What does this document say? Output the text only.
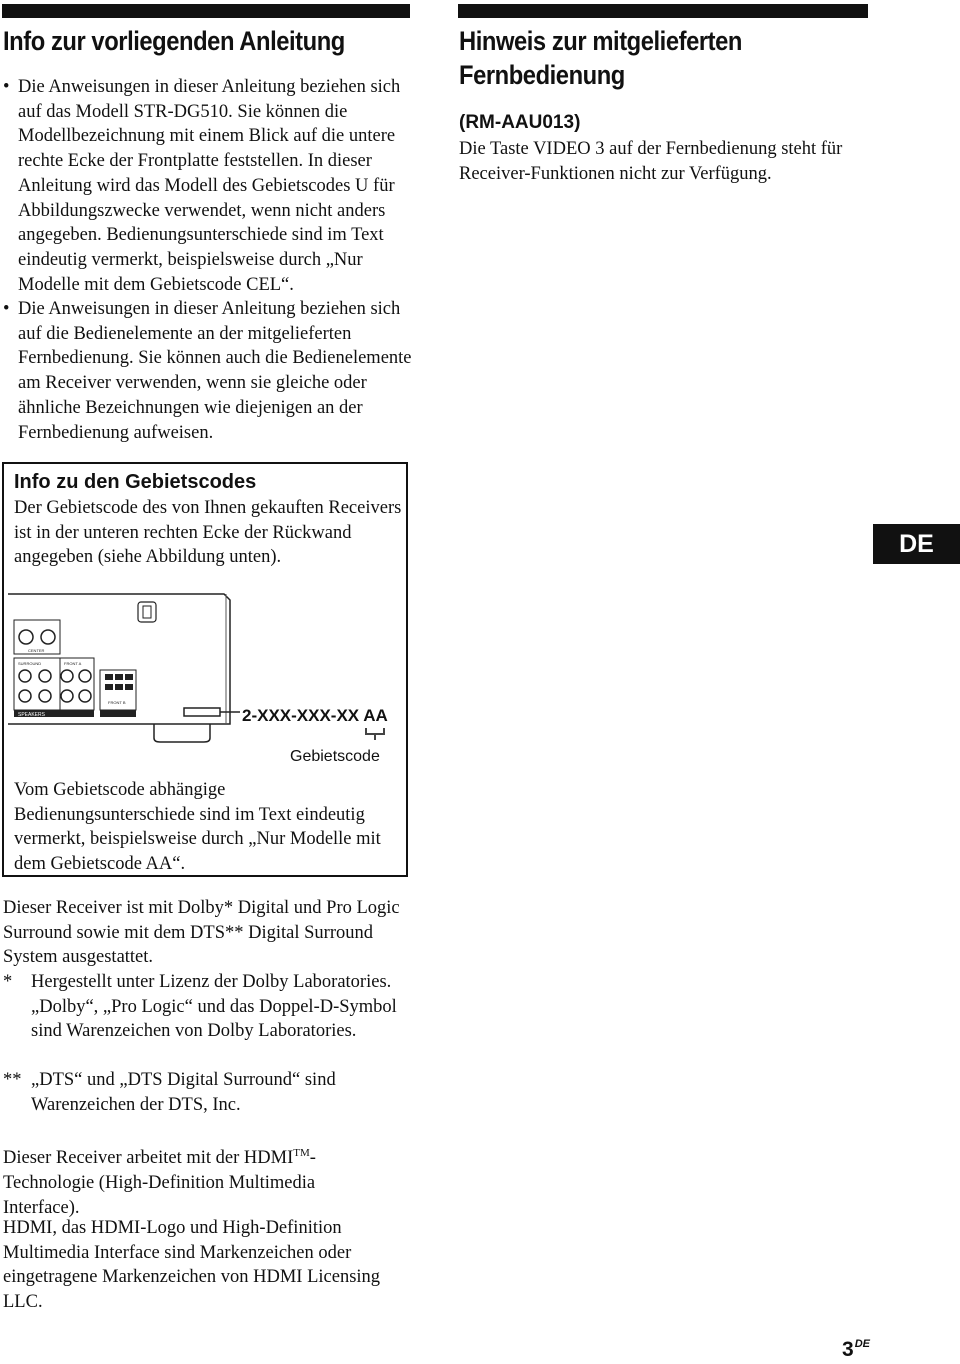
Info zur vorliegenden Anleitung
• Die Anweisungen in dieser Anleitung beziehen sich auf das Modell STR-DG510. Sie können die Modellbezeichnung mit einem Blick auf die untere rechte Ecke der Frontplatte feststellen. In dieser Anleitung wird das Modell des Gebietscodes U für Abbildungszwecke verwendet, wenn nicht anders angegeben. Bedienungsunterschiede sind im Text eindeutig vermerkt, beispielsweise durch „Nur Modelle mit dem Gebietscode CEL“.

• Die Anweisungen in dieser Anleitung beziehen sich auf die Bedienelemente an der mitgelieferten Fernbedienung. Sie können auch die Bedienelemente am Receiver verwenden, wenn sie gleiche oder ähnliche Bezeichnungen wie diejenigen an der Fernbedienung aufweisen.

Info zu den Gebietscodes

Der Gebietscode des von Ihnen gekauften Receivers ist in der unteren rechten Ecke der Rückwand angegeben (siehe Abbildung unten).

CENTER
SURROUND	FRONT A
FRONT B
SPEAKERS	2-XXX-XXX-XX AA
Gebietscode

Vom Gebietscode abhängige Bedienungsunterschiede sind im Text eindeutig vermerkt, beispielsweise durch „Nur Modelle mit dem Gebietscode AA“.

Dieser Receiver ist mit Dolby* Digital und Pro Logic Surround sowie mit dem DTS** Digital Surround System ausgestattet.

* Hergestellt unter Lizenz der Dolby Laboratories. „Dolby“, „Pro Logic“ und das Doppel-D-Symbol sind Warenzeichen von Dolby Laboratories.

** „DTS“ und „DTS Digital Surround“ sind Warenzeichen der DTS, Inc.

Dieser Receiver arbeitet mit der HDMI™-Technologie (High-Definition Multimedia Interface).

HDMI, das HDMI-Logo und High-Definition Multimedia Interface sind Markenzeichen oder eingetragene Markenzeichen von HDMI Licensing LLC.

Hinweis zur mitgelieferten
Fernbedienung
(RM-AAU013)

Die Taste VIDEO 3 auf der Fernbedienung steht für Receiver-Funktionen nicht zur Verfügung.

DE
3DE
